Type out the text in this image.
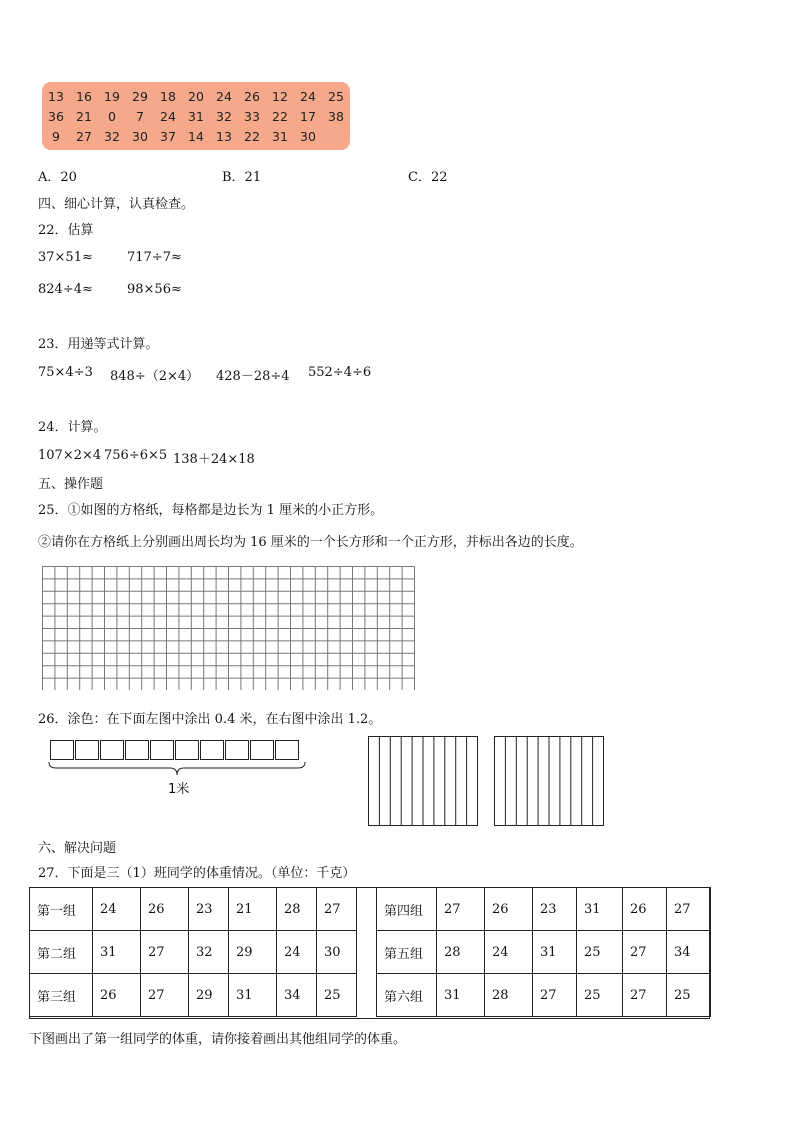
13 16 19 29 18 20 24 26 12 24 25
36 21	0	7	24 31 32 33 22 17 38
9	27 32 30 37 14 13 22 31 30
A．20	B．21	C．22
四、细心计算，认真检查。
22．估算
37×51≈	717÷7≈
824÷4≈	98×56≈
23．用递等式计算。
75×4÷3 848÷（2×4） 428－28÷4 552÷4÷6
24．计算。
107×2×4 756÷6×5 138＋24×18
五、操作题
25．①如图的方格纸，每格都是边长为 1 厘米的小正方形。
②请你在方格纸上分别画出周长均为 16 厘米的一个长方形和一个正方形，并标出各边的长度。
26．涂色：在下面左图中涂出 0.4 米，在右图中涂出 1.2。
1米
六、解决问题
27．下面是三（1）班同学的体重情况。（单位：千克）
第一组	24	26	23	21	28	27
第二组	31	27	32	29	24	30
第三组	26	27	29	31	34	25
第四组	27	26	23	31	26	27
第五组	28	24	31	25	27	34
第六组	31	28	27	25	27	25
下图画出了第一组同学的体重，请你接着画出其他组同学的体重。
